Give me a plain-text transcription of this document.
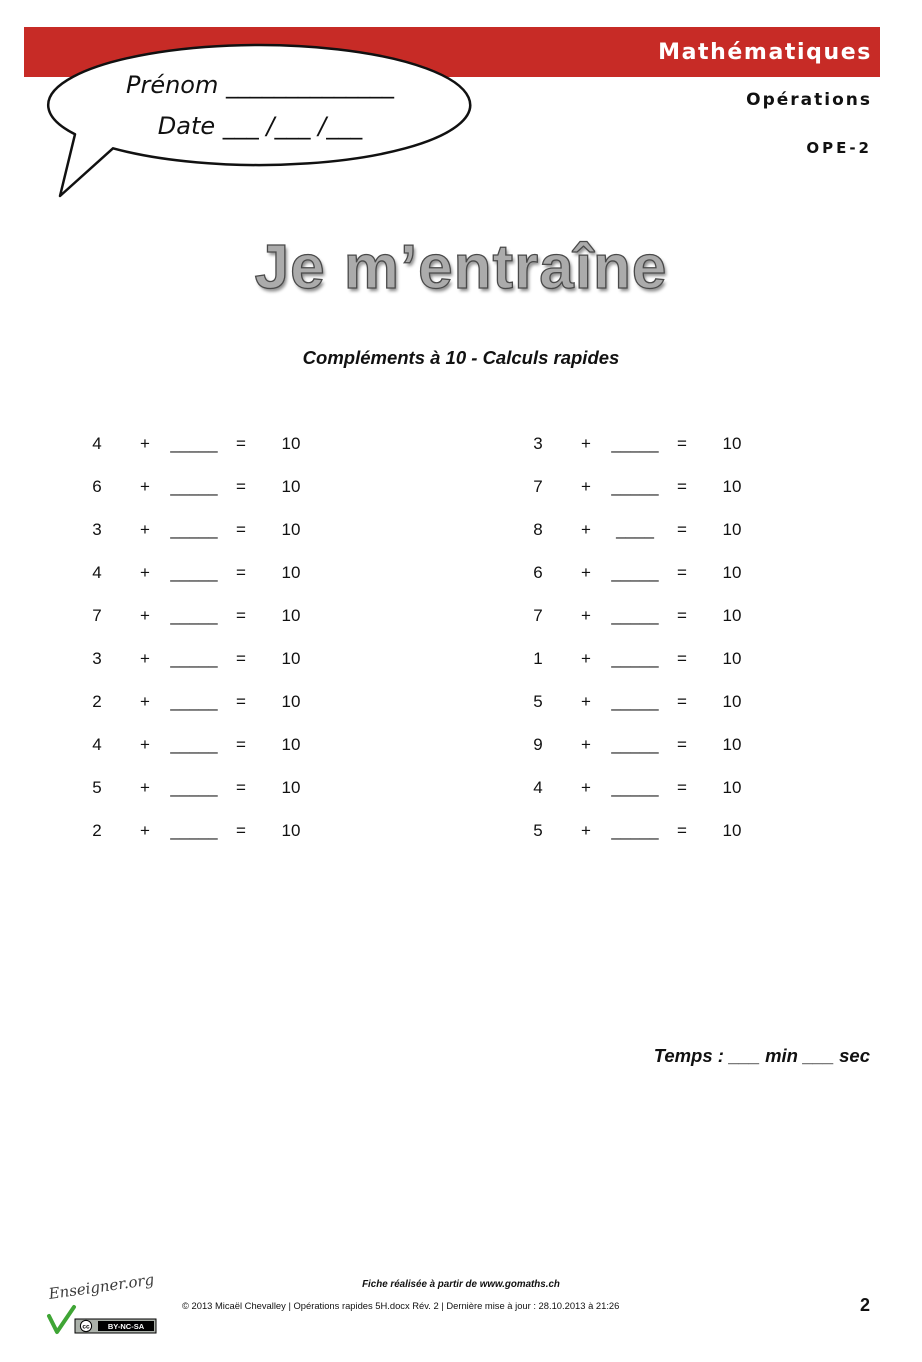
Mathématiques
Opérations
OPE-2
Prénom ______________
Date ___ /___ /___
Je m’entraîne
Compléments à 10 - Calculs rapides
4	+ _____ =	10
6	+ _____ =	10
3	+ _____ =	10
4	+ _____ =	10
7	+ _____ =	10
3	+ _____ =	10
2	+ _____ =	10
4	+ _____ =	10
5	+ _____ =	10
2	+ _____ =	10
3	+ _____ =	10
7	+ _____ =	10
8	+	____	=	10
6	+ _____ =	10
7	+ _____ =	10
1	+ _____ =	10
5	+ _____ =	10
9	+ _____ =	10
4	+ _____ =	10
5	+ _____ =	10
Temps : ___ min ___ sec
Fiche réalisée à partir de www.gomaths.ch
© 2013 Micaël Chevalley | Opérations rapides 5H.docx Rév. 2 | Dernière mise à jour : 28.10.2013 à 21:26	2
Enseigner.org
cc BY-NC-SA
